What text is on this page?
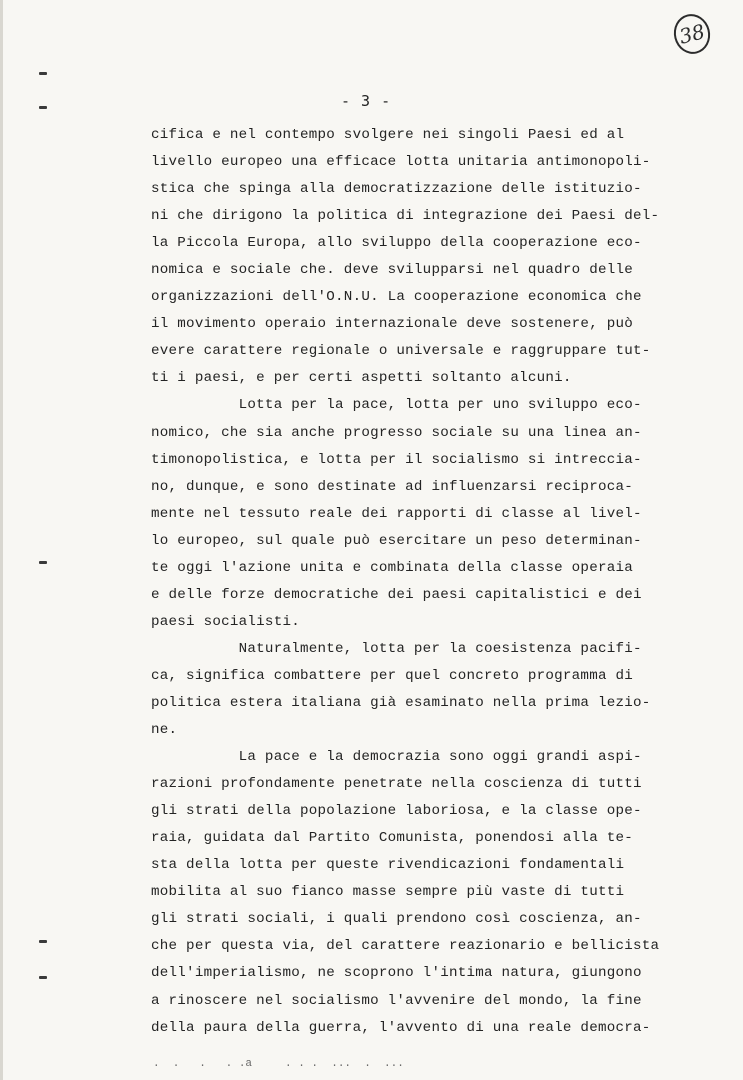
38
- 3 -
cifica e nel contempo svolgere nei singoli Paesi ed al
livello europeo una efficace lotta unitaria antimonopoli-
stica che spinga alla democratizzazione delle istituzio-
ni che dirigono la politica di integrazione dei Paesi del-
la Piccola Europa, allo sviluppo della cooperazione eco-
nomica e sociale che. deve svilupparsi nel quadro delle
organizzazioni dell'O.N.U. La cooperazione economica che
il movimento operaio internazionale deve sostenere, può
evere carattere regionale o universale e raggruppare tut-
ti i paesi, e per certi aspetti soltanto alcuni.
Lotta per la pace, lotta per uno sviluppo eco-
nomico, che sia anche progresso sociale su una linea an-
timonopolistica, e lotta per il socialismo si intreccia-
no, dunque, e sono destinate ad influenzarsi reciproca-
mente nel tessuto reale dei rapporti di classe al livel-
lo europeo, sul quale può esercitare un peso determinan-
te oggi l'azione unita e combinata della classe operaia
e delle forze democratiche dei paesi capitalistici e dei
paesi socialisti.
Naturalmente, lotta per la coesistenza pacifi-
ca, significa combattere per quel concreto programma di
politica estera italiana già esaminato nella prima lezio-
ne.
La pace e la democrazia sono oggi grandi aspi-
razioni profondamente penetrate nella coscienza di tutti
gli strati della popolazione laboriosa, e la classe ope-
raia, guidata dal Partito Comunista, ponendosi alla te-
sta della lotta per queste rivendicazioni fondamentali
mobilita al suo fianco masse sempre più vaste di tutti
gli strati sociali, i quali prendono così coscienza, an-
che per questa via, del carattere reazionario e bellicista
dell'imperialismo, ne scoprono l'intima natura, giungono
a rinoscere nel socialismo l'avvenire del mondo, la fine
della paura della guerra, l'avvento di una reale democra-
.  .   .   . .a     . . .  ...  .  ...
